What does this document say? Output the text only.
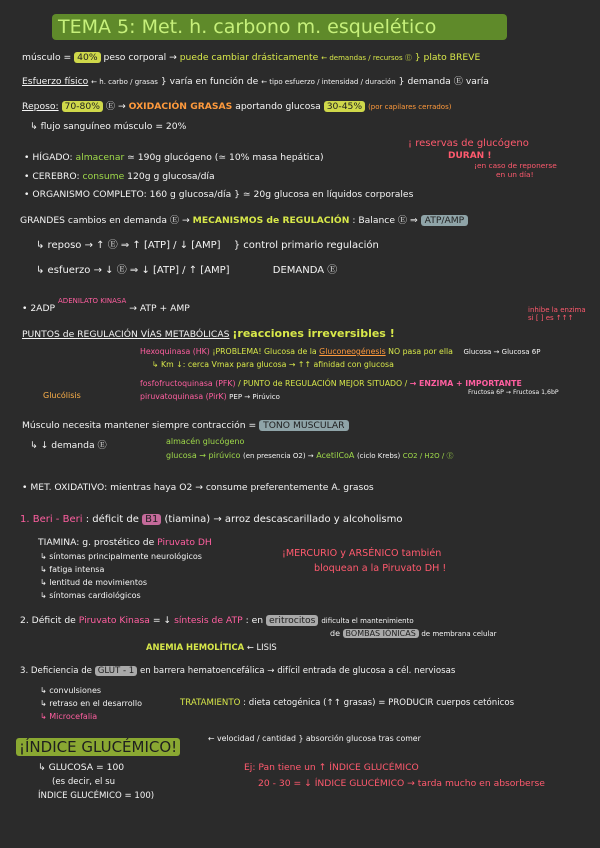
TEMA 5: Met. h. carbono m. esquelético
músculo = 40% peso corporal → puede cambiar drásticamente ← demandas / recursos Ⓔ } plato BREVE
Esfuerzo físico ← h. carbo / grasas } varía en función de ← tipo esfuerzo / intensidad / duración } demanda Ⓔ varía
Reposo: 70-80% Ⓔ → OXIDACIÓN GRASAS aportando glucosa 30-45% (por capilares cerrados)
↳ flujo sanguíneo músculo = 20%
¡ reservas de glucógeno
DURAN !
¡en caso de reponerse
en un día!
• HÍGADO: almacenar ≃ 190g glucógeno (≃ 10% masa hepática)
• CEREBRO: consume 120g g glucosa/día
• ORGANISMO COMPLETO: 160 g glucosa/día } ≃ 20g glucosa en líquidos corporales
GRANDES cambios en demanda Ⓔ → MECANISMOS de REGULACIÓN : Balance Ⓔ ⇒ ATP/AMP
↳ reposo → ↑ Ⓔ ⇒ ↑ [ATP] / ↓ [AMP] } control primario regulación
↳ esfuerzo → ↓ Ⓔ ⇒ ↓ [ATP] / ↑ [AMP]	DEMANDA Ⓔ
• 2ADP $^{ADENILATO KINASA}$ → ATP + AMP	inhibe la enzima si [ ] es ↑↑↑
PUNTOS de REGULACIÓN VÍAS METABÓLICAS ¡reacciones irreversibles !
Hexoquinasa (HK) ¡PROBLEMA! Glucosa de la Gluconeogénesis NO pasa por ella Glucosa → Glucosa 6P
↳ Km ↓: cerca Vmax para glucosa → ↑↑ afinidad con glucosa
fosfofructoquinasa (PFK) / PUNTO de REGULACIÓN MEJOR SITUADO / → ENZIMA + IMPORTANTE
Fructosa 6P → Fructosa 1,6bP
Glucólisis	piruvatoquinasa (PirK) PEP → Pirúvico
Músculo necesita mantener siempre contracción = TONO MUSCULAR
↳ ↓ demanda Ⓔ	almacén glucógeno
glucosa → pirúvico (en presencia O2) → AcetilCoA (ciclo Krebs) CO2 / H2O / Ⓔ
• MET. OXIDATIVO: mientras haya O2 → consume preferentemente A. grasos
1. Beri - Beri : déficit de B1 (tiamina) → arroz descascarillado y alcoholismo
TIAMINA: g. prostético de Piruvato DH
↳ síntomas principalmente neurológicos	¡MERCURIO y ARSÉNICO también
↳ fatiga intensa	bloquean a la Piruvato DH !
↳ lentitud de movimientos
↳ síntomas cardiológicos
2. Déficit de Piruvato Kinasa = ↓ síntesis de ATP : en eritrocitos dificulta el mantenimiento
de BOMBAS IÓNICAS de membrana celular
ANEMIA HEMOLÍTICA ← LISIS
3. Deficiencia de GLUT - 1 en barrera hematoencefálica → difícil entrada de glucosa a cél. nerviosas
↳ convulsiones
↳ retraso en el desarrollo	TRATAMIENTO : dieta cetogénica (↑↑ grasas) = PRODUCIR cuerpos cetónicos
↳ Microcefalia
¡ÍNDICE GLUCÉMICO!	← velocidad / cantidad } absorción glucosa tras comer
↳ GLUCOSA = 100	Ej: Pan tiene un ↑ ÍNDICE GLUCÉMICO
(es decir, el su	20 - 30 = ↓ ÍNDICE GLUCÉMICO → tarda mucho en absorberse
ÍNDICE GLUCÉMICO = 100)
